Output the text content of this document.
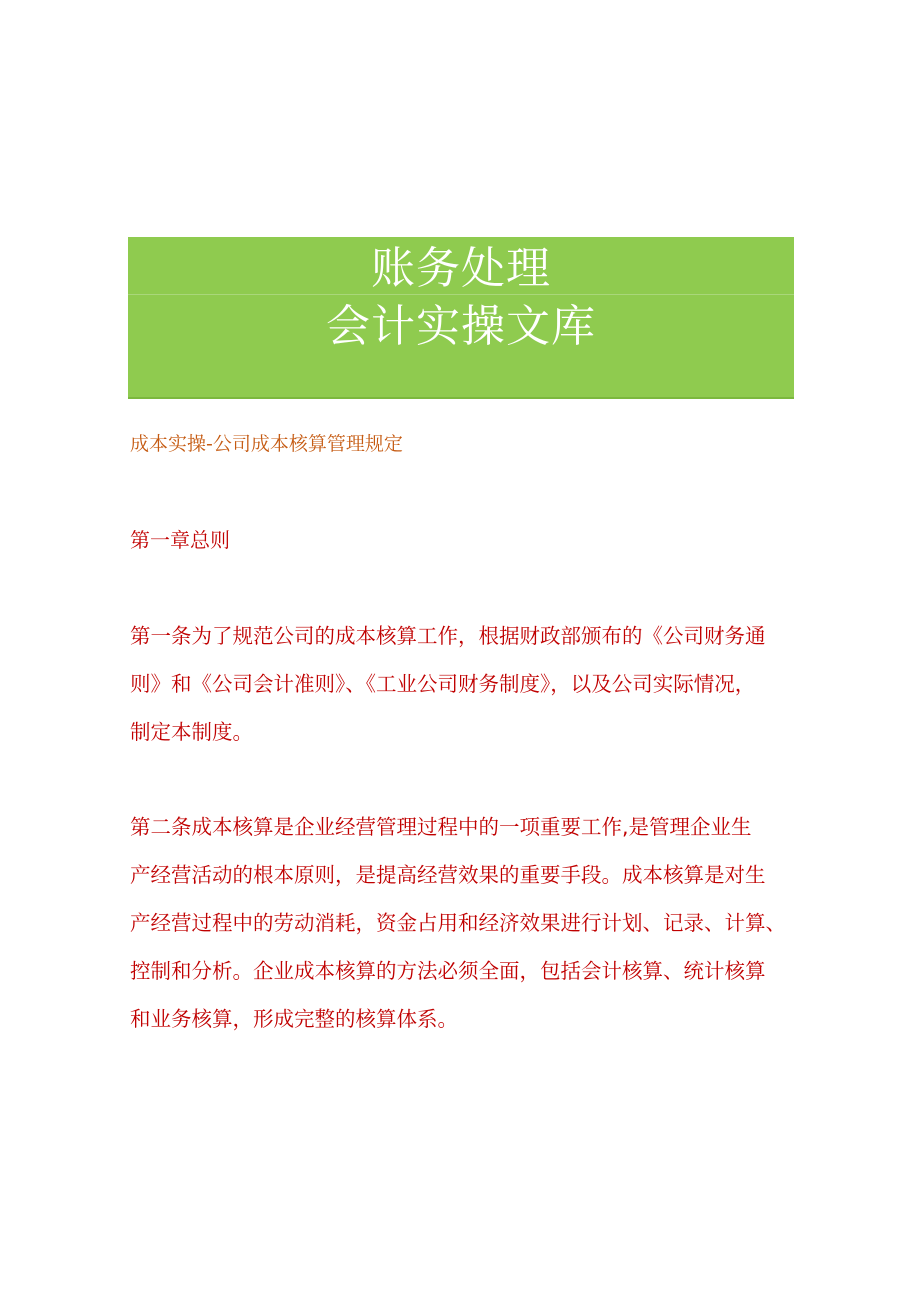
账务处理
会计实操文库
成本实操-公司成本核算管理规定
第一章总则
第一条为了规范公司的成本核算工作，根据财政部颁布的《公司财务通
则》和《公司会计准则》、《工业公司财务制度》，以及公司实际情况，
制定本制度。
第二条成本核算是企业经营管理过程中的一项重要工作,是管理企业生
产经营活动的根本原则，是提高经营效果的重要手段。成本核算是对生
产经营过程中的劳动消耗，资金占用和经济效果进行计划、记录、计算、
控制和分析。企业成本核算的方法必须全面，包括会计核算、统计核算
和业务核算，形成完整的核算体系。
